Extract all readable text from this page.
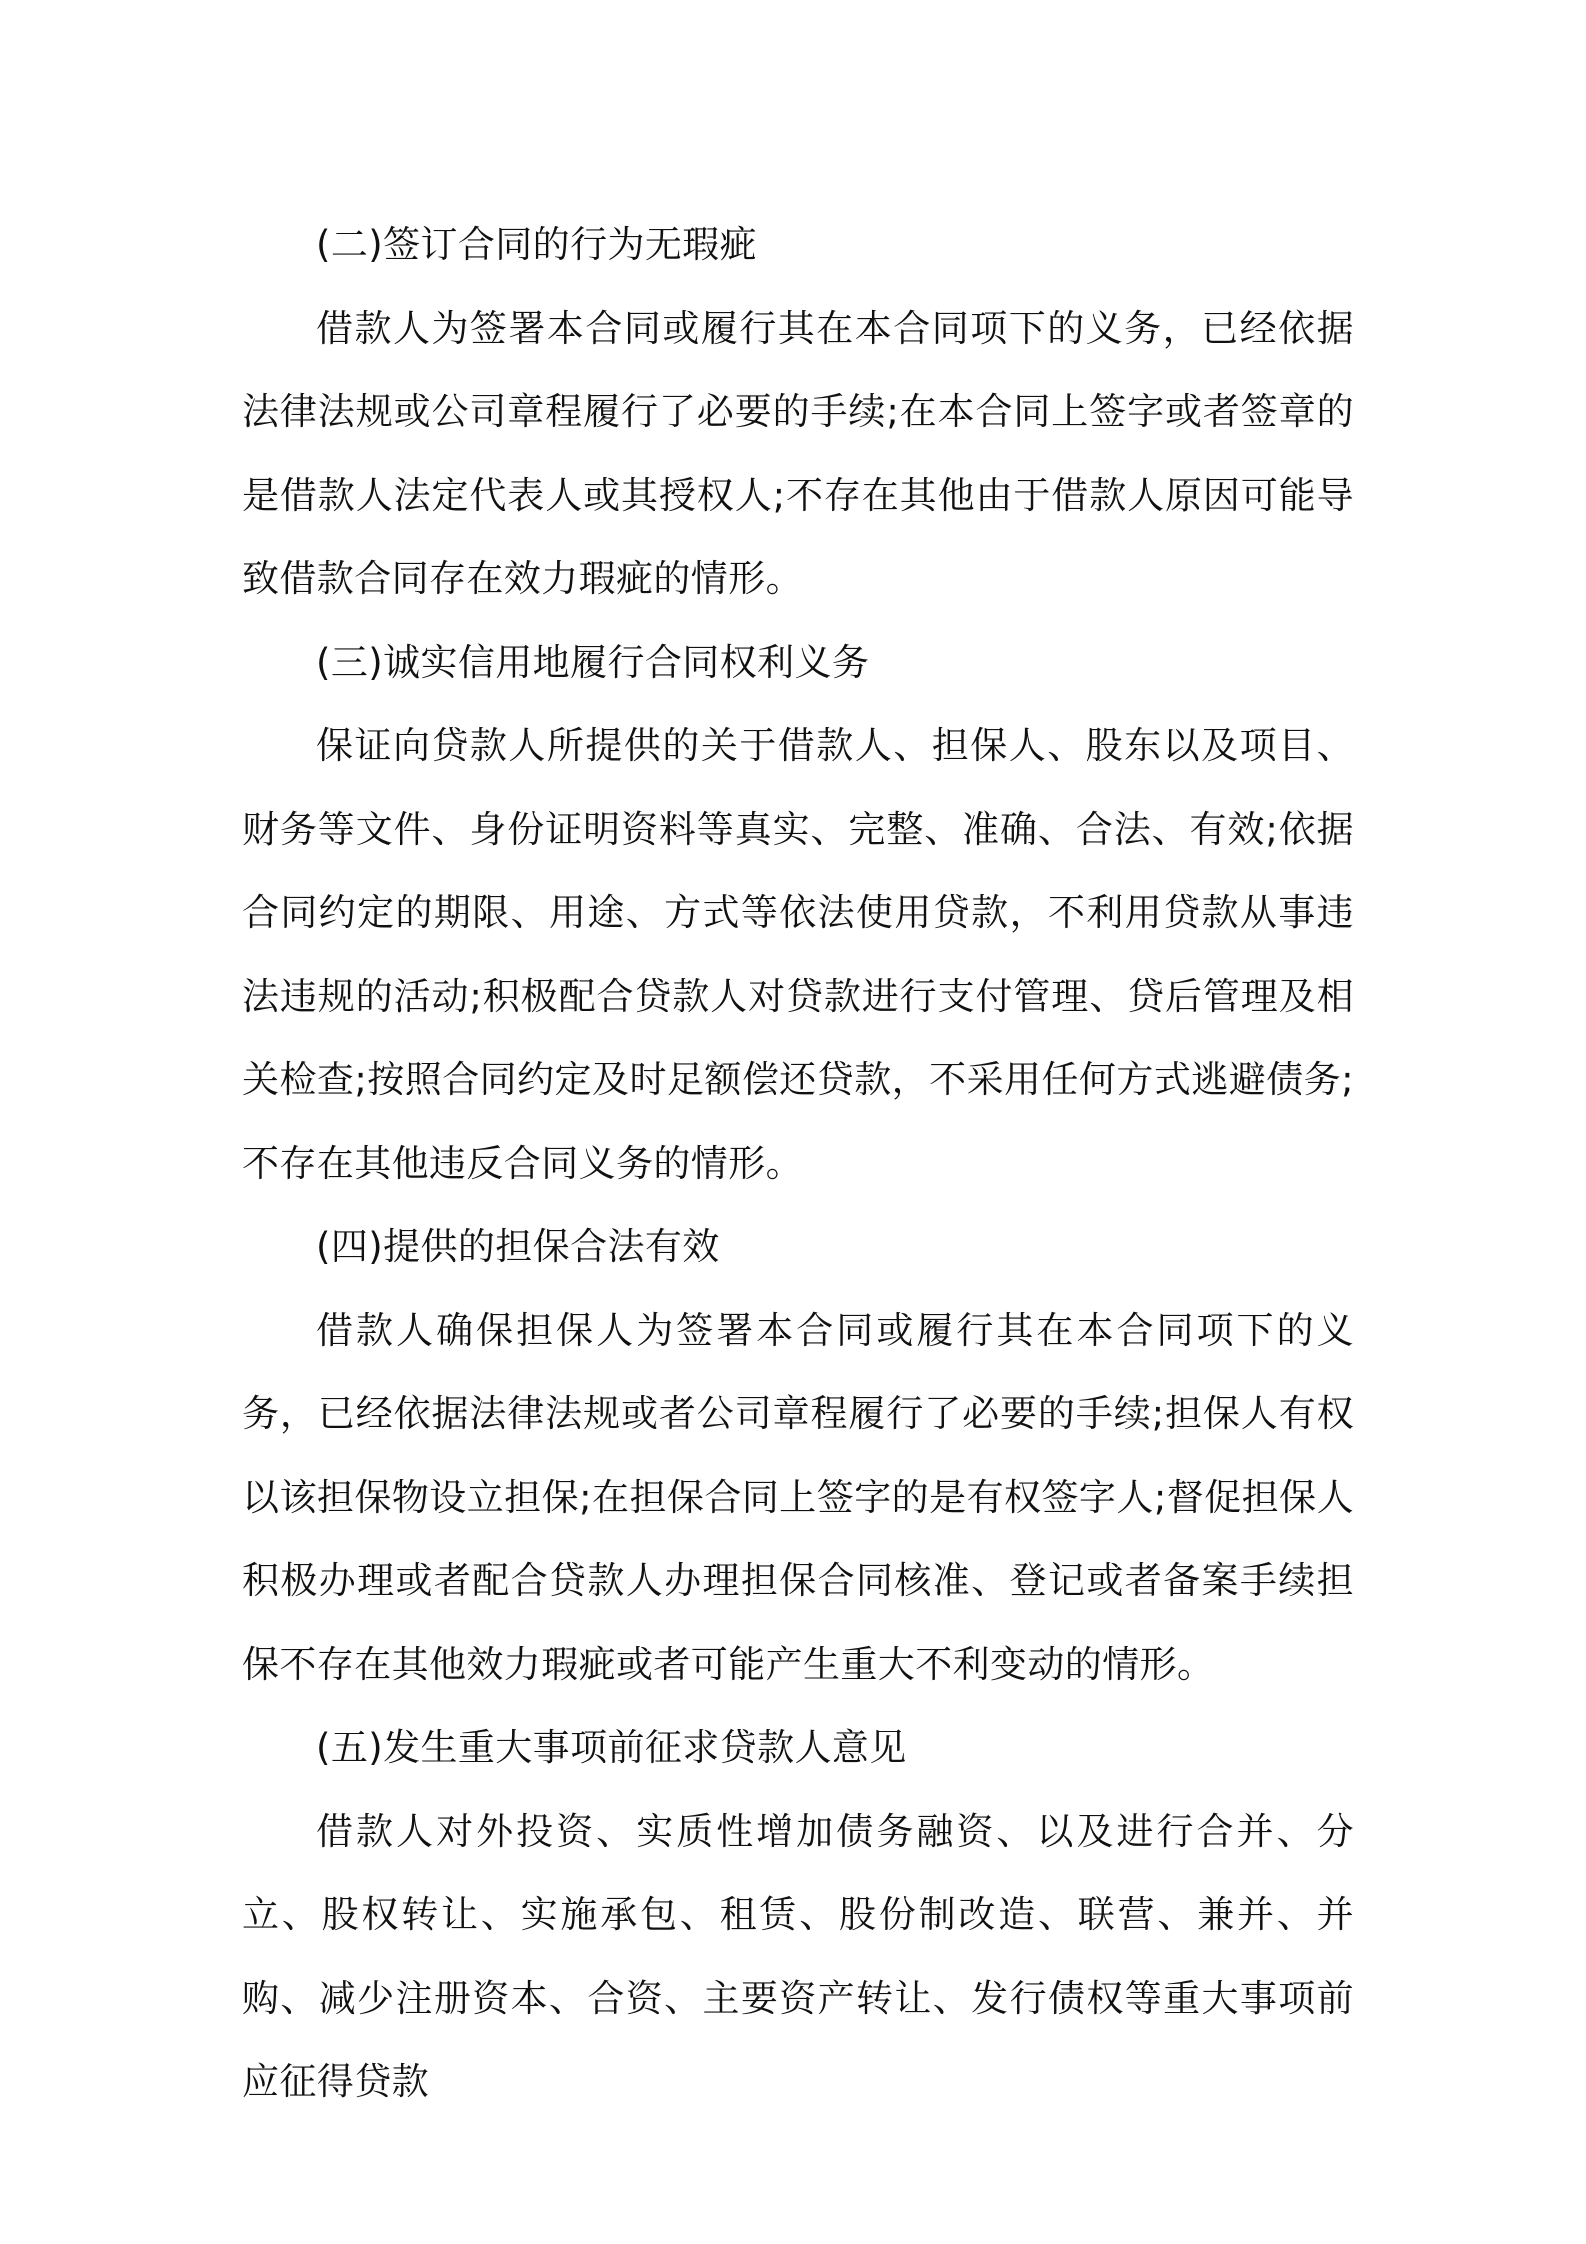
(二)签订合同的行为无瑕疵

借款人为签署本合同或履行其在本合同项下的义务，已经依据法律法规或公司章程履行了必要的手续;在本合同上签字或者签章的是借款人法定代表人或其授权人;不存在其他由于借款人原因可能导致借款合同存在效力瑕疵的情形。

(三)诚实信用地履行合同权利义务

保证向贷款人所提供的关于借款人、担保人、股东以及项目、财务等文件、身份证明资料等真实、完整、准确、合法、有效;依据合同约定的期限、用途、方式等依法使用贷款，不利用贷款从事违法违规的活动;积极配合贷款人对贷款进行支付管理、贷后管理及相关检查;按照合同约定及时足额偿还贷款，不采用任何方式逃避债务;不存在其他违反合同义务的情形。

(四)提供的担保合法有效

借款人确保担保人为签署本合同或履行其在本合同项下的义务，已经依据法律法规或者公司章程履行了必要的手续;担保人有权以该担保物设立担保;在担保合同上签字的是有权签字人;督促担保人积极办理或者配合贷款人办理担保合同核准、登记或者备案手续担保不存在其他效力瑕疵或者可能产生重大不利变动的情形。

(五)发生重大事项前征求贷款人意见

借款人对外投资、实质性增加债务融资、以及进行合并、分立、股权转让、实施承包、租赁、股份制改造、联营、兼并、并购、减少注册资本、合资、主要资产转让、发行债权等重大事项前应征得贷款
